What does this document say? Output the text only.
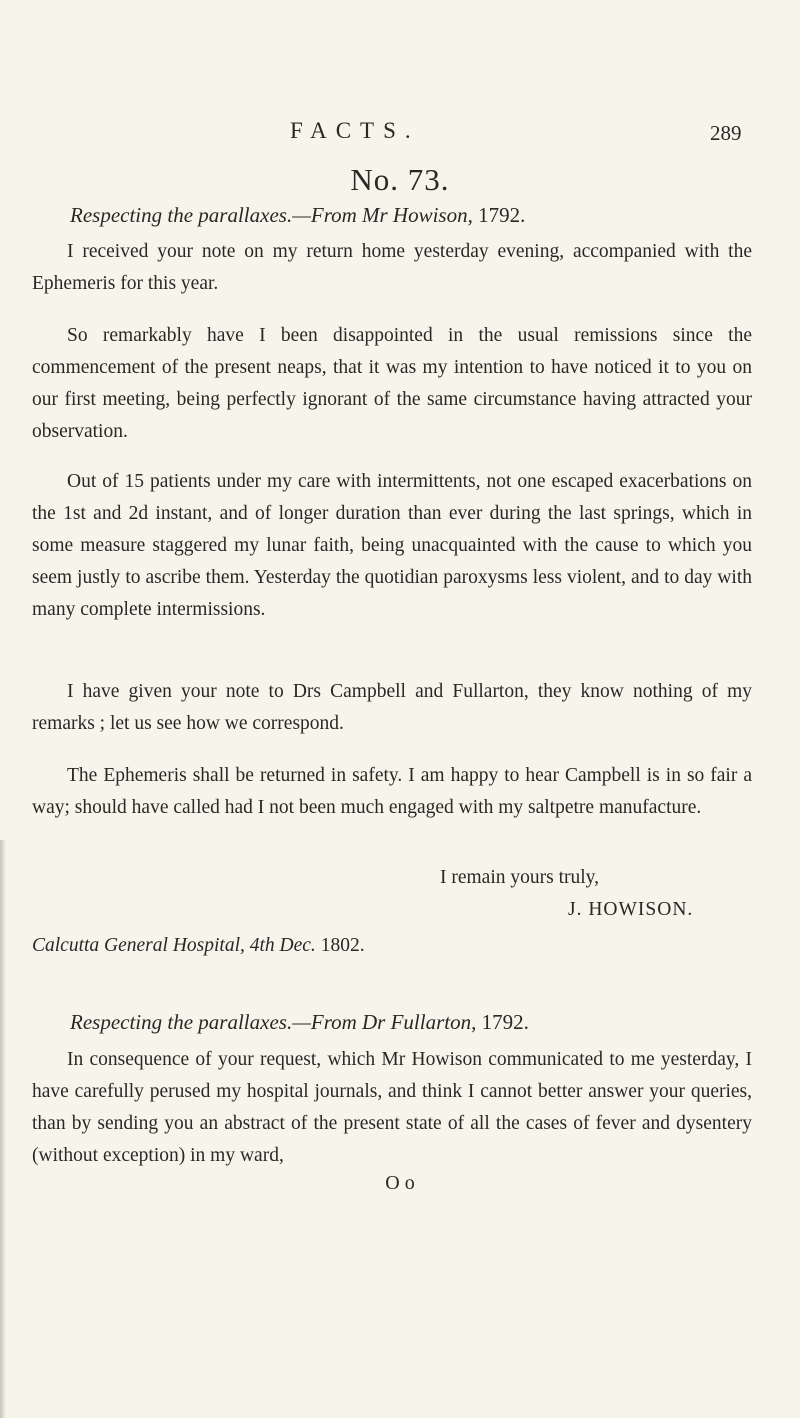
FACTS.	289
No. 73.
Respecting the parallaxes.—From Mr Howison, 1792.

I received your note on my return home yesterday evening, accompanied with the Ephemeris for this year.

So remarkably have I been disappointed in the usual remissions since the commencement of the present neaps, that it was my intention to have noticed it to you on our first meeting, being perfectly ignorant of the same circumstance having attracted your observation.

Out of 15 patients under my care with intermittents, not one escaped exacerbations on the 1st and 2d instant, and of longer duration than ever during the last springs, which in some measure staggered my lunar faith, being unacquainted with the cause to which you seem justly to ascribe them. Yesterday the quotidian paroxysms less violent, and to day with many complete intermissions.

I have given your note to Drs Campbell and Fullarton, they know nothing of my remarks ; let us see how we correspond.

The Ephemeris shall be returned in safety. I am happy to hear Campbell is in so fair a way; should have called had I not been much engaged with my saltpetre manufacture.

I remain yours truly,
J. HOWISON.
Calcutta General Hospital, 4th Dec. 1802.
Respecting the parallaxes.—From Dr Fullarton, 1792.

In consequence of your request, which Mr Howison communicated to me yesterday, I have carefully perused my hospital journals, and think I cannot better answer your queries, than by sending you an abstract of the present state of all the cases of fever and dysentery (without exception) in my ward,

O o
